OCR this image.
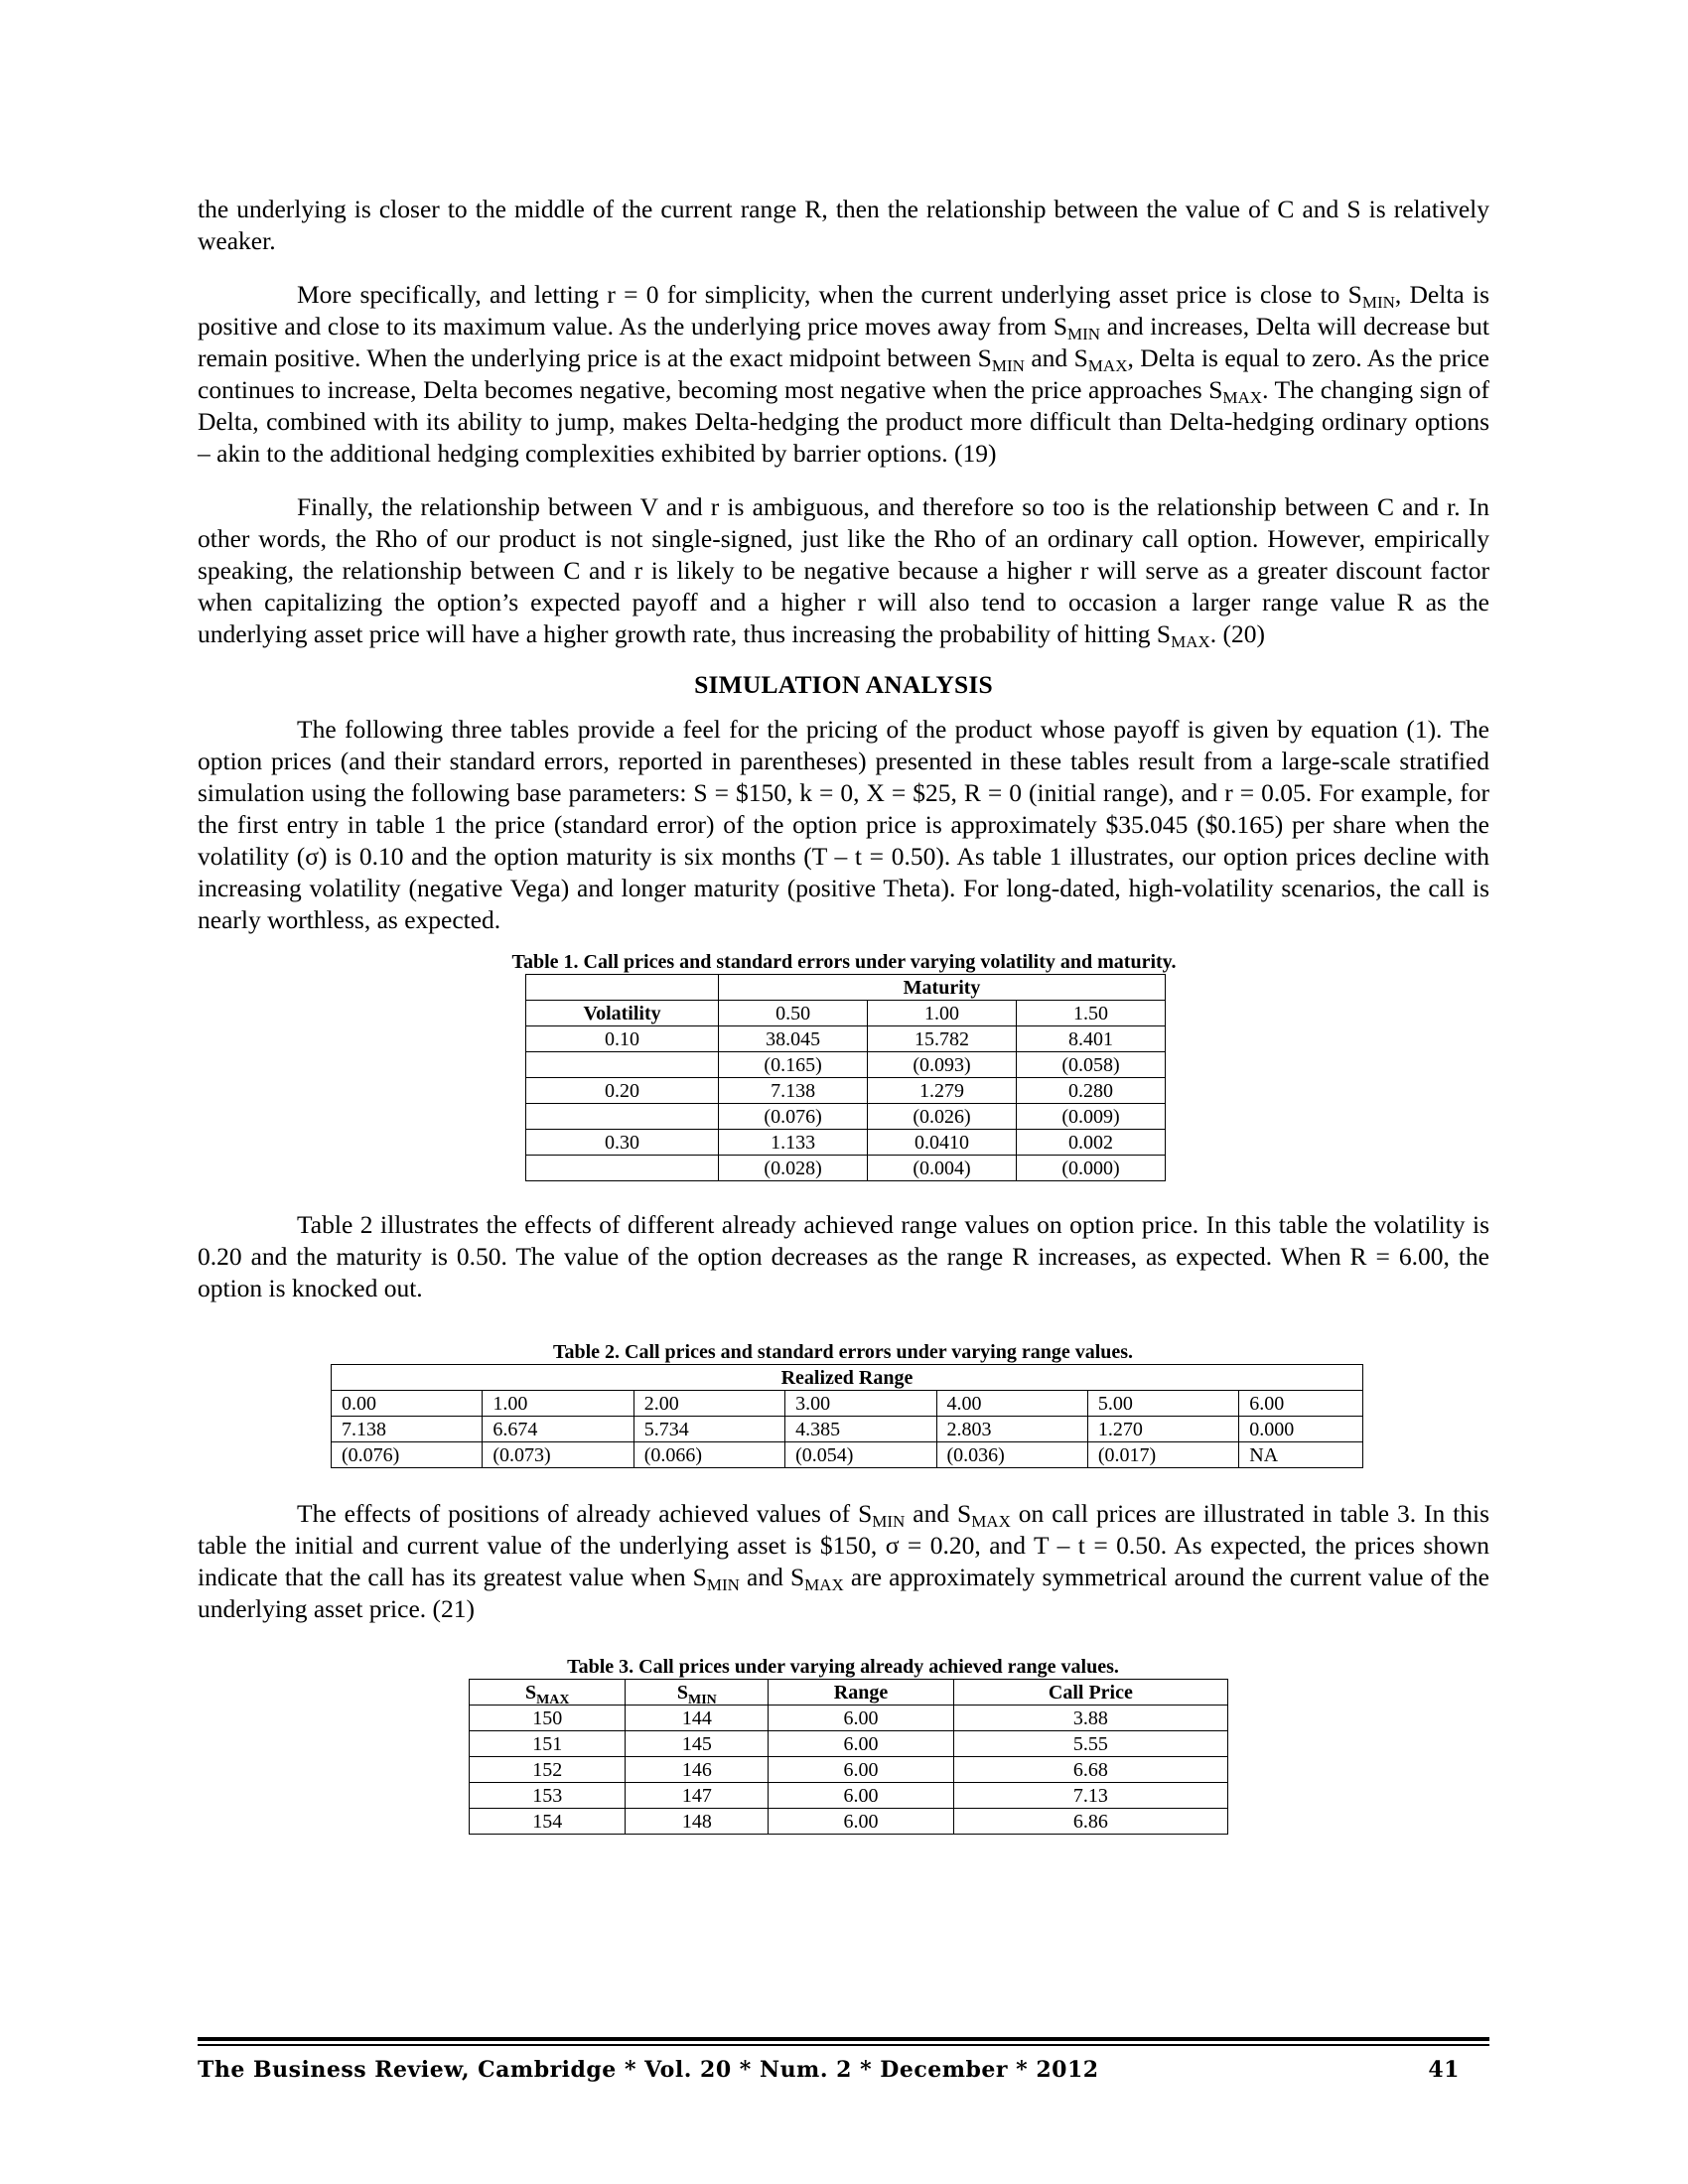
the underlying is closer to the middle of the current range R, then the relationship between the value of C and S is relatively weaker.

More specifically, and letting r = 0 for simplicity, when the current underlying asset price is close to $S_{MIN}$, Delta is positive and close to its maximum value. As the underlying price moves away from $S_{MIN}$ and increases, Delta will decrease but remain positive. When the underlying price is at the exact midpoint between $S_{MIN}$ and $S_{MAX}$, Delta is equal to zero. As the price continues to increase, Delta becomes negative, becoming most negative when the price approaches $S_{MAX}$. The changing sign of Delta, combined with its ability to jump, makes Delta-hedging the product more difficult than Delta-hedging ordinary options – akin to the additional hedging complexities exhibited by barrier options. (19)

Finally, the relationship between V and r is ambiguous, and therefore so too is the relationship between C and r. In other words, the Rho of our product is not single-signed, just like the Rho of an ordinary call option. However, empirically speaking, the relationship between C and r is likely to be negative because a higher r will serve as a greater discount factor when capitalizing the option’s expected payoff and a higher r will also tend to occasion a larger range value R as the underlying asset price will have a higher growth rate, thus increasing the probability of hitting $S_{MAX}$. (20)

SIMULATION ANALYSIS

The following three tables provide a feel for the pricing of the product whose payoff is given by equation (1). The option prices (and their standard errors, reported in parentheses) presented in these tables result from a large-scale stratified simulation using the following base parameters: S = $150, k = 0, X = $25, R = 0 (initial range), and r = 0.05. For example, for the first entry in table 1 the price (standard error) of the option price is approximately $35.045 ($0.165) per share when the volatility (σ) is 0.10 and the option maturity is six months (T – t = 0.50). As table 1 illustrates, our option prices decline with increasing volatility (negative Vega) and longer maturity (positive Theta). For long-dated, high-volatility scenarios, the call is nearly worthless, as expected.

Table 1. Call prices and standard errors under varying volatility and maturity.
	Maturity		
Volatility	0.50	1.00	1.50
0.10	38.045	15.782	8.401
	(0.165)	(0.093)	(0.058)
0.20	7.138	1.279	0.280
	(0.076)	(0.026)	(0.009)
0.30	1.133	0.0410	0.002
	(0.028)	(0.004)	(0.000)

Table 2 illustrates the effects of different already achieved range values on option price. In this table the volatility is 0.20 and the maturity is 0.50. The value of the option decreases as the range R increases, as expected. When R = 6.00, the option is knocked out.

Table 2. Call prices and standard errors under varying range values.
Realized Range						
0.00	1.00	2.00	3.00	4.00	5.00	6.00
7.138	6.674	5.734	4.385	2.803	1.270	0.000
(0.076)	(0.073)	(0.066)	(0.054)	(0.036)	(0.017)	NA

The effects of positions of already achieved values of $S_{MIN}$ and $S_{MAX}$ on call prices are illustrated in table 3. In this table the initial and current value of the underlying asset is $150, σ = 0.20, and T – t = 0.50. As expected, the prices shown indicate that the call has its greatest value when $S_{MIN}$ and $S_{MAX}$ are approximately symmetrical around the current value of the underlying asset price. (21)

Table 3. Call prices under varying already achieved range values.
$S_{MAX}$	$S_{MIN}$	Range	Call Price
150	144	6.00	3.88
151	145	6.00	5.55
152	146	6.00	6.68
153	147	6.00	7.13
154	148	6.00	6.86
The Business Review, Cambridge * Vol. 20 * Num. 2 * December * 2012	41
